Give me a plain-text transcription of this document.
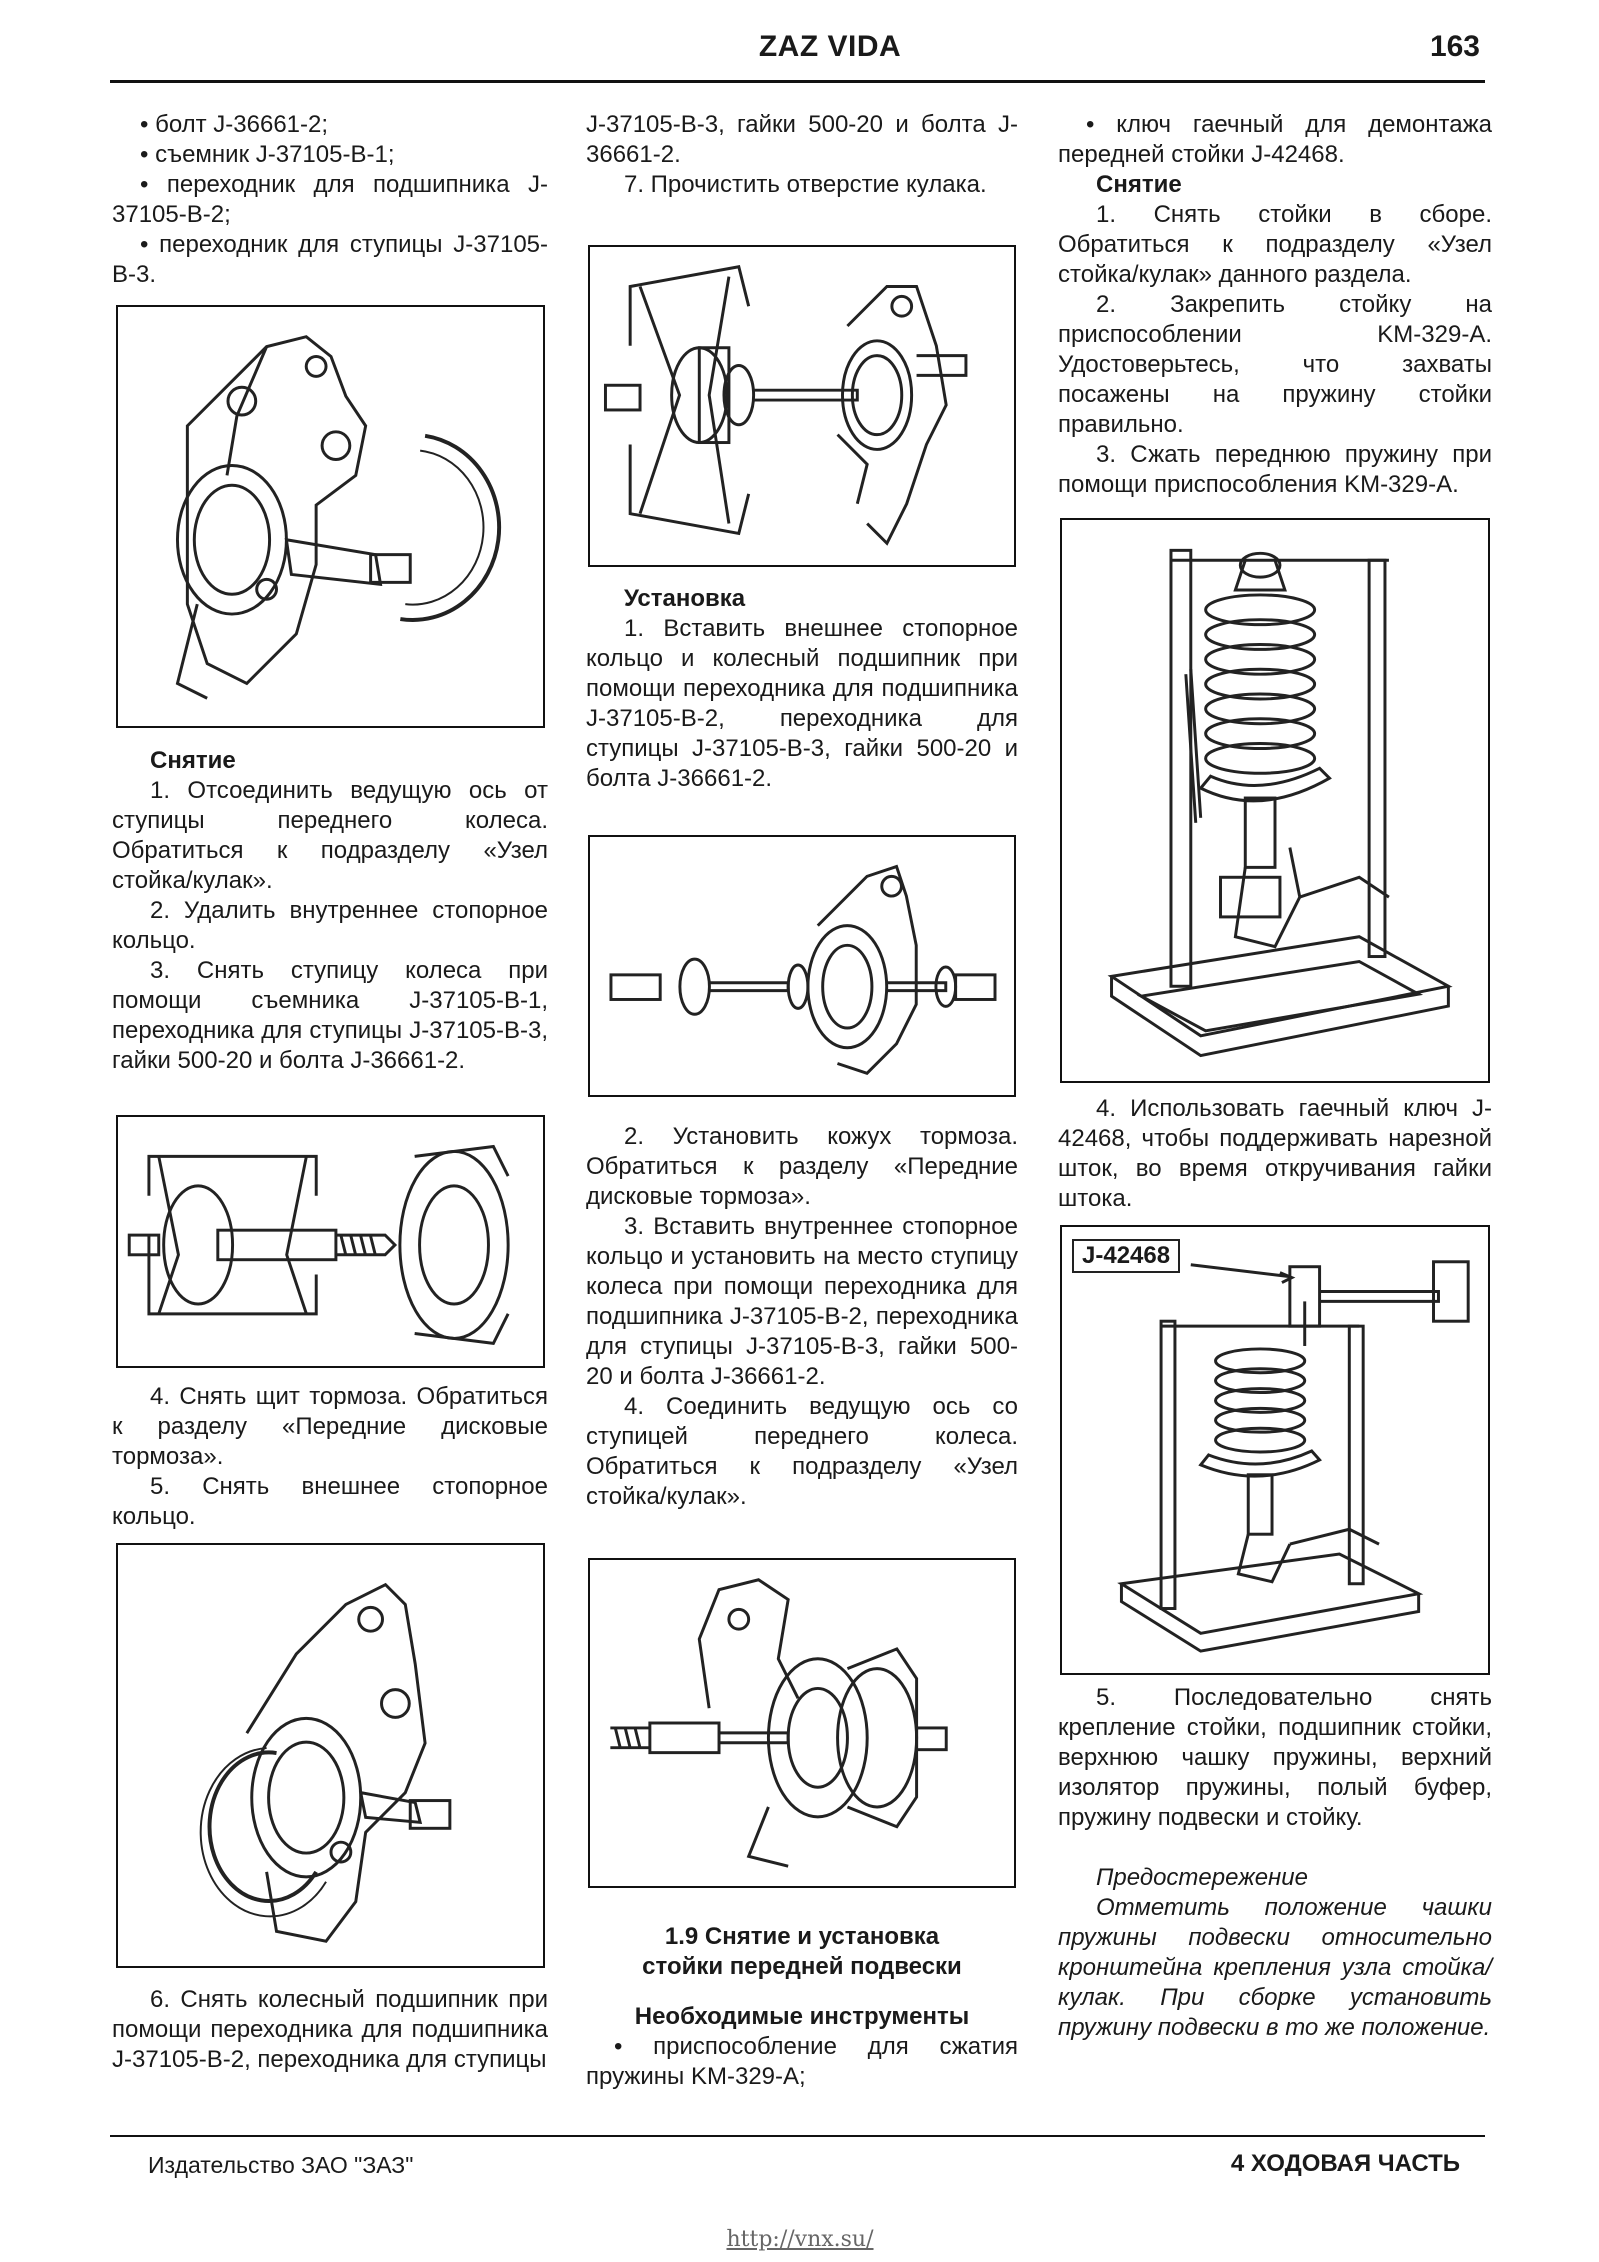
ZAZ VIDA	163

• болт J-36661-2;

• съемник J-37105-B-1;

• переходник для подшипника J-37105-B-2;

• переходник для ступицы J-37105-B-3.

Снятие

1. Отсоединить ведущую ось от ступицы переднего колеса. Обратиться к подразделу «Узел стойка/кулак».

2. Удалить внутреннее стопорное кольцо.

3. Снять ступицу колеса при помощи съемника J-37105-B-1, переходника для ступицы J-37105-B-3, гайки 500-20 и болта J-36661-2.

4. Снять щит тормоза. Обратиться к разделу «Передние дисковые тормоза».

5. Снять внешнее стопорное кольцо.

6. Снять колесный подшипник при помощи переходника для подшипника J-37105-B-2, переходника для ступицы

J-37105-B-3, гайки 500-20 и болта J-36661-2.

7. Прочистить отверстие кулака.

Установка

1. Вставить внешнее стопорное кольцо и колесный подшипник при помощи переходника для подшипника J-37105-B-2, переходника для ступицы J-37105-B-3, гайки 500-20 и болта J-36661-2.

2. Установить кожух тормоза. Обратиться к разделу «Передние дисковые тормоза».

3. Вставить внутреннее стопорное кольцо и установить на место ступицу колеса при помощи переходника для подшипника J-37105-B-2, переходника для ступицы J-37105-B-3, гайки 500-20 и болта J-36661-2.

4. Соединить ведущую ось со ступицей переднего колеса. Обратиться к подразделу «Узел стойка/кулак».

1.9 Снятие и установка

стойки передней подвески

Необходимые инструменты

• приспособление для сжатия пружины KM-329-A;

• ключ гаечный для демонтажа передней стойки J-42468.

Снятие

1. Снять стойки в сборе. Обратиться к подразделу «Узел стойка/кулак» данного раздела.

2. Закрепить стойку на приспособлении KM-329-A. Удостоверьтесь, что захваты посажены на пружину стойки правильно.

3. Сжать переднюю пружину при помощи приспособления KM-329-A.

4. Использовать гаечный ключ J-42468, чтобы поддерживать нарезной шток, во время откручивания гайки штока.

J-42468

5. Последовательно снять крепление стойки, подшипник стойки, верхнюю чашку пружины, верхний изолятор пружины, полый буфер, пружину подвески и стойку.

Предостережение

Отметить положение чашки пружины подвески относительно кронштейна крепления узла стойка/кулак. При сборке установить пружину подвески в то же положение.

Издательство ЗАО "ЗАЗ"	4 ХОДОВАЯ ЧАСТЬ
http://vnx.su/
